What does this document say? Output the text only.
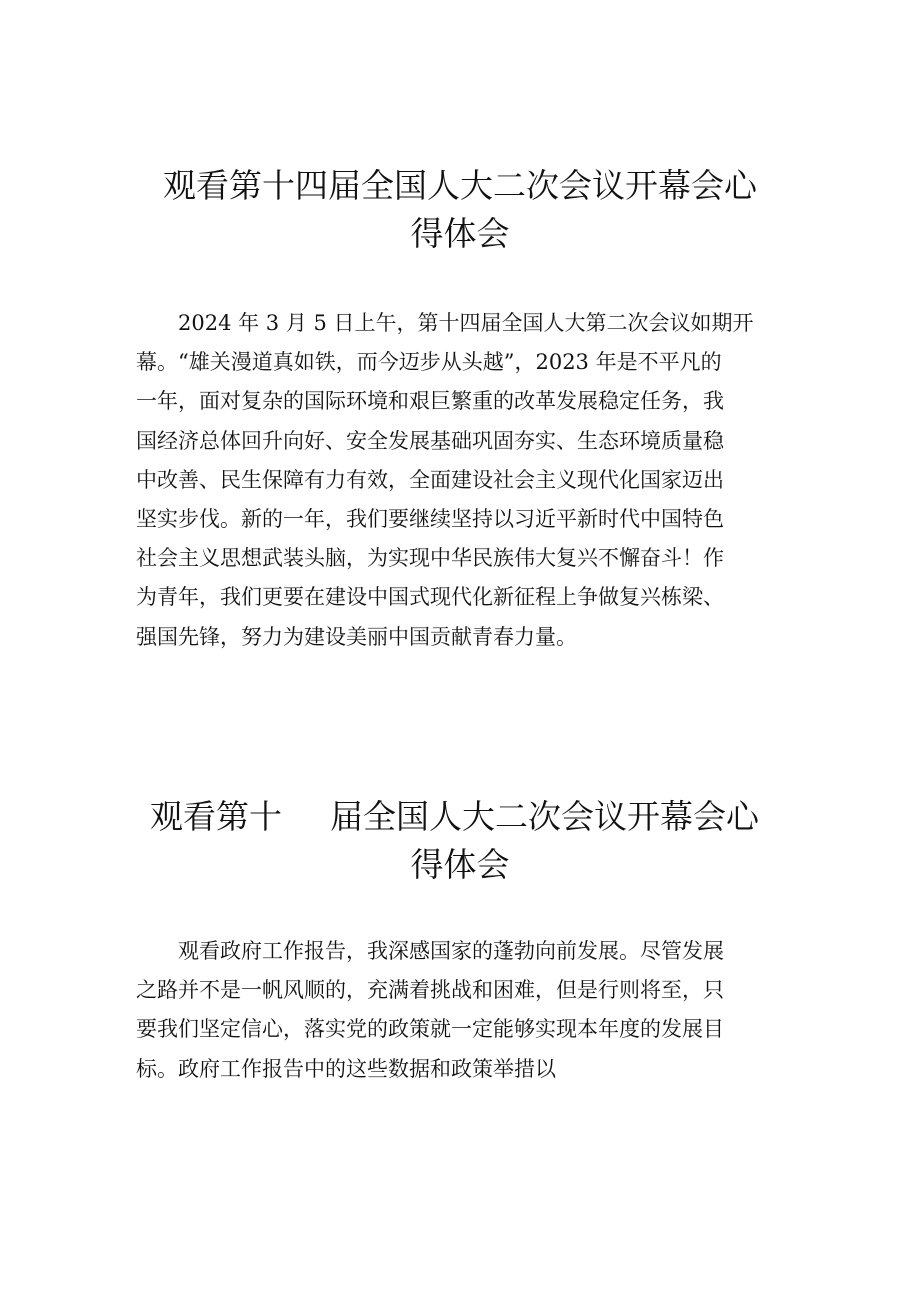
观看第十四届全国人大二次会议开幕会心
得体会
　　2024 年 3 月 5 日上午，第十四届全国人大第二次会议如期开
幕。“雄关漫道真如铁，而今迈步从头越”，2023 年是不平凡的
一年，面对复杂的国际环境和艰巨繁重的改革发展稳定任务，我
国经济总体回升向好、安全发展基础巩固夯实、生态环境质量稳
中改善、民生保障有力有效，全面建设社会主义现代化国家迈出
坚实步伐。新的一年，我们要继续坚持以习近平新时代中国特色
社会主义思想武装头脑，为实现中华民族伟大复兴不懈奋斗！作
为青年，我们更要在建设中国式现代化新征程上争做复兴栋梁、
强国先锋，努力为建设美丽中国贡献青春力量。
观看第十 届全国人大二次会议开幕会心
得体会
　　观看政府工作报告，我深感国家的蓬勃向前发展。尽管发展
之路并不是一帆风顺的，充满着挑战和困难，但是行则将至，只
要我们坚定信心，落实党的政策就一定能够实现本年度的发展目
标。政府工作报告中的这些数据和政策举措以
